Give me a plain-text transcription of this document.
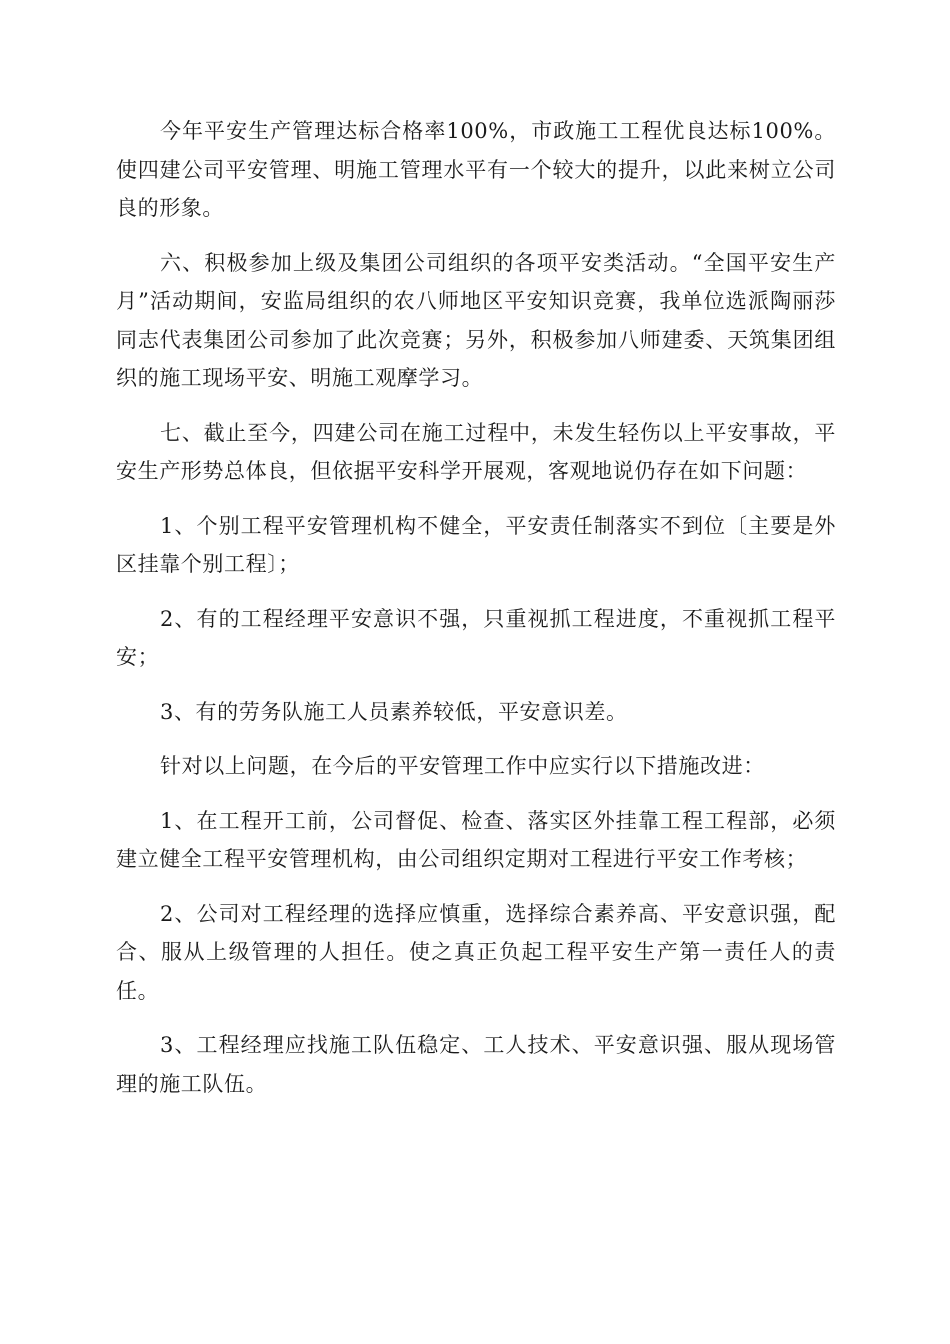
今年平安生产管理达标合格率100%，市政施工工程优良达标100%。使四建公司平安管理、明施工管理水平有一个较大的提升，以此来树立公司良的形象。

六、积极参加上级及集团公司组织的各项平安类活动。“全国平安生产月”活动期间，安监局组织的农八师地区平安知识竞赛，我单位选派陶丽莎同志代表集团公司参加了此次竞赛；另外，积极参加八师建委、天筑集团组织的施工现场平安、明施工观摩学习。

七、截止至今，四建公司在施工过程中，未发生轻伤以上平安事故，平安生产形势总体良，但依据平安科学开展观，客观地说仍存在如下问题：

1、个别工程平安管理机构不健全，平安责任制落实不到位〔主要是外区挂靠个别工程〕；

2、有的工程经理平安意识不强，只重视抓工程进度，不重视抓工程平安；

3、有的劳务队施工人员素养较低，平安意识差。

针对以上问题，在今后的平安管理工作中应实行以下措施改进：

1、在工程开工前，公司督促、检查、落实区外挂靠工程工程部，必须建立健全工程平安管理机构，由公司组织定期对工程进行平安工作考核；

2、公司对工程经理的选择应慎重，选择综合素养高、平安意识强，配合、服从上级管理的人担任。使之真正负起工程平安生产第一责任人的责任。

3、工程经理应找施工队伍稳定、工人技术、平安意识强、服从现场管理的施工队伍。
